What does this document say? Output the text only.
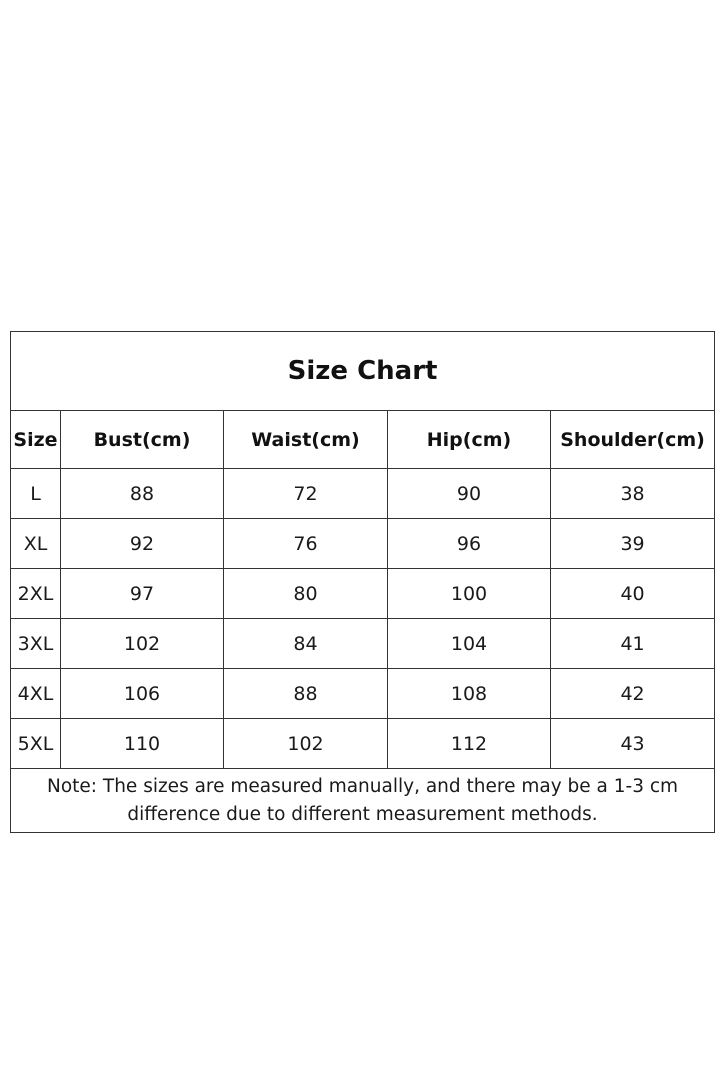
Size Chart				
Size	Bust(cm)	Waist(cm)	Hip(cm)	Shoulder(cm)
L	88	72	90	38
XL	92	76	96	39
2XL	97	80	100	40
3XL	102	84	104	41
4XL	106	88	108	42
5XL	110	102	112	43

Note: The sizes are measured manually, and there may be a 1-3 cm
difference due to different measurement methods.				
